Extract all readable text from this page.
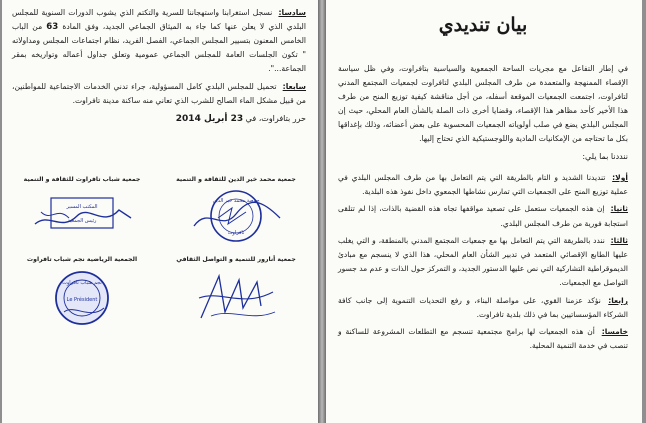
سادسا: نسجل استغرابنا واستهجاننا للسرية والتكتم الذي يشوب الدورات السنوية للمجلس البلدي الذي لا يعلن عنها كما جاء به الميثاق الجماعي الجديد، وفق المادة 63 من الباب الخامس المعنون بتسيير المجلس الجماعي، الفصل الفريد، نظام اجتماعات المجلس ومداولاته " تكون الجلسات العامة للمجلس الجماعي عمومية وتعلق جداول أعماله وتواريخه بمقر الجماعة...".

سابعا: تحميل للمجلس البلدي كامل المسؤولية، جراء تدني الخدمات الاجتماعية للمواطنين، من قبيل مشكل الماء الصالح للشرب الذي تعاني منه ساكنة مدينة تافراوت.

حرر بتافراوت، في 23 أبريل 2014

جمعية محمد خير الدين للثقافة و التنمية
جمعية محمد خير الدين
تافراوت
جمعية شباب تافراوت للثقافة و التنمية
المكتب المسير
رئيس الجمعية
جمعية أنارور للتنمية و التواصل الثقافي
الجمعية الرياضية نجم شباب تافراوت
نجم شباب تافراوت
Le Président
بيان تنديدي

في إطار التفاعل مع مجريات الساحة الجمعوية والسياسية بتافراوت، وفي ظل سياسة الإقصاء الممنهجة والمتعمدة من طرف المجلس البلدي لتافراوت لجمعيات المجتمع المدني لتافراوت، اجتمعت الجمعيات الموقعة أسفله، من أجل مناقشة كيفية توزيع المنح من طرف هذا الأخير كأحد مظاهر هذا الإقصاء، وقضايا أخرى ذات الصلة بالشأن العام المحلي، حيث إن المجلس البلدي يضع في صلب أولوياته الجمعيات المحسوبة على بعض أعضائه، وذلك بإغداقها بكل ما تحتاجه من الإمكانيات المادية واللوجستيكية الذي تحتاج إليها.

ننددنا بما يلي:

أولا: تنديدنا الشديد و التام بالطريقة التي يتم التعامل بها من طرف المجلس البلدي في عملية توزيع المنح على الجمعيات التي تمارس نشاطها الجمعوي داخل نفوذ هذه البلدية.

ثانيا: إن هذه الجمعيات ستعمل على تصعيد مواقفها تجاه هذه القضية بالذات، إذا لم تتلقى استجابة فورية من طرف المجلس البلدي.

ثالثا: نندد بالطريقة التي يتم التعامل بها مع جمعيات المجتمع المدني بالمنطقة، و التي يغلب عليها الطابع الإقصائي المتعمد في تدبير الشأن العام المحلي، هذا الذي لا ينسجم مع مبادئ الديموقراطية التشاركية التي نص عليها الدستور الجديد، و التمركز حول الذات و عدم مد جسور التواصل مع الجمعيات.

رابعا: نؤكد عزمنا القوي، على مواصلة البناء، و رفع التحديات التنموية إلى جانب كافة الشركاء المؤسساتيين بما في ذلك بلدية تافراوت.

خامسا: أن هذه الجمعيات لها برامج مجتمعية تنسجم مع التطلعات المشروعة للساكنة و تنصب في خدمة التنمية المحلية.
